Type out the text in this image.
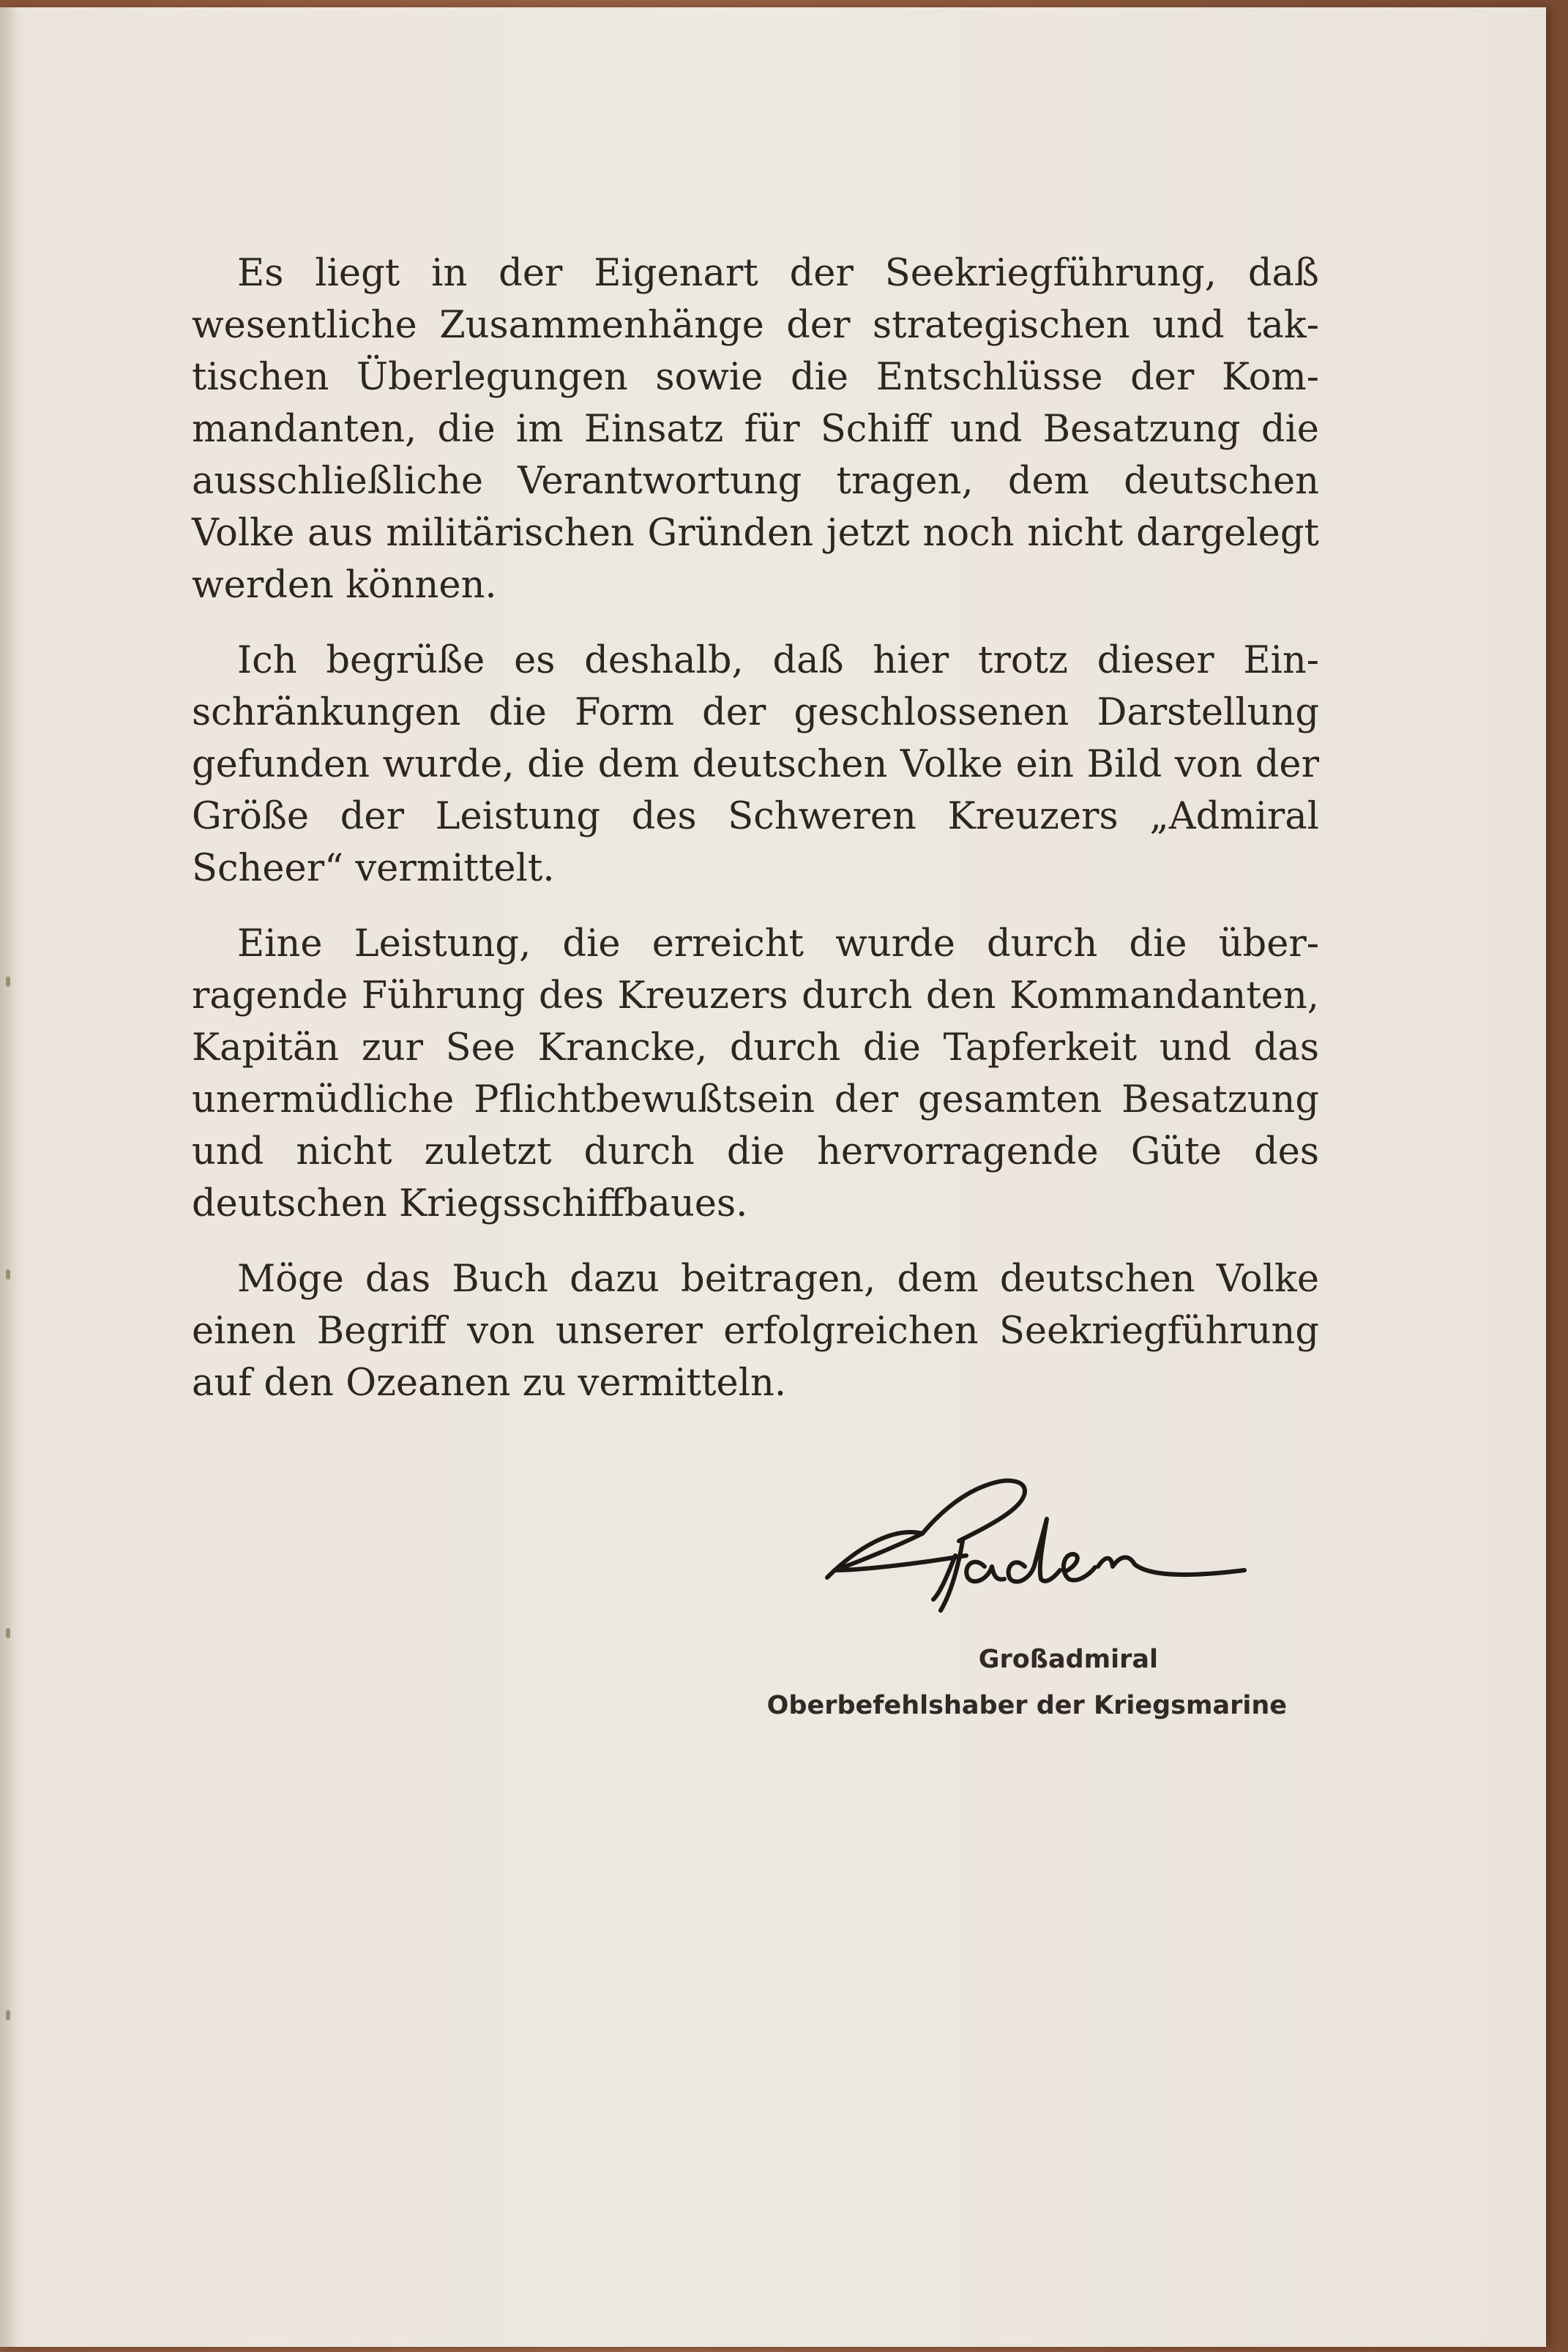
Es liegt in der Eigenart der Seekriegführung, daß wesentliche Zusammenhänge der strategischen und taktischen Überlegungen sowie die Entschlüsse der Kommandanten, die im Einsatz für Schiff und Besatzung die ausschließliche Verantwortung tragen, dem deutschen Volke aus militärischen Gründen jetzt noch nicht dargelegt werden können.

Ich begrüße es deshalb, daß hier trotz dieser Einschränkungen die Form der geschlossenen Darstellung gefunden wurde, die dem deutschen Volke ein Bild von der Größe der Leistung des Schweren Kreuzers „Admiral Scheer“ vermittelt.

Eine Leistung, die erreicht wurde durch die überragende Führung des Kreuzers durch den Kommandanten, Kapitän zur See Krancke, durch die Tapferkeit und das unermüdliche Pflichtbewußtsein der gesamten Besatzung und nicht zuletzt durch die hervorragende Güte des deutschen Kriegsschiffbaues.

Möge das Buch dazu beitragen, dem deutschen Volke einen Begriff von unserer erfolgreichen Seekriegführung auf den Ozeanen zu vermitteln.

Großadmiral
Oberbefehlshaber der Kriegsmarine
